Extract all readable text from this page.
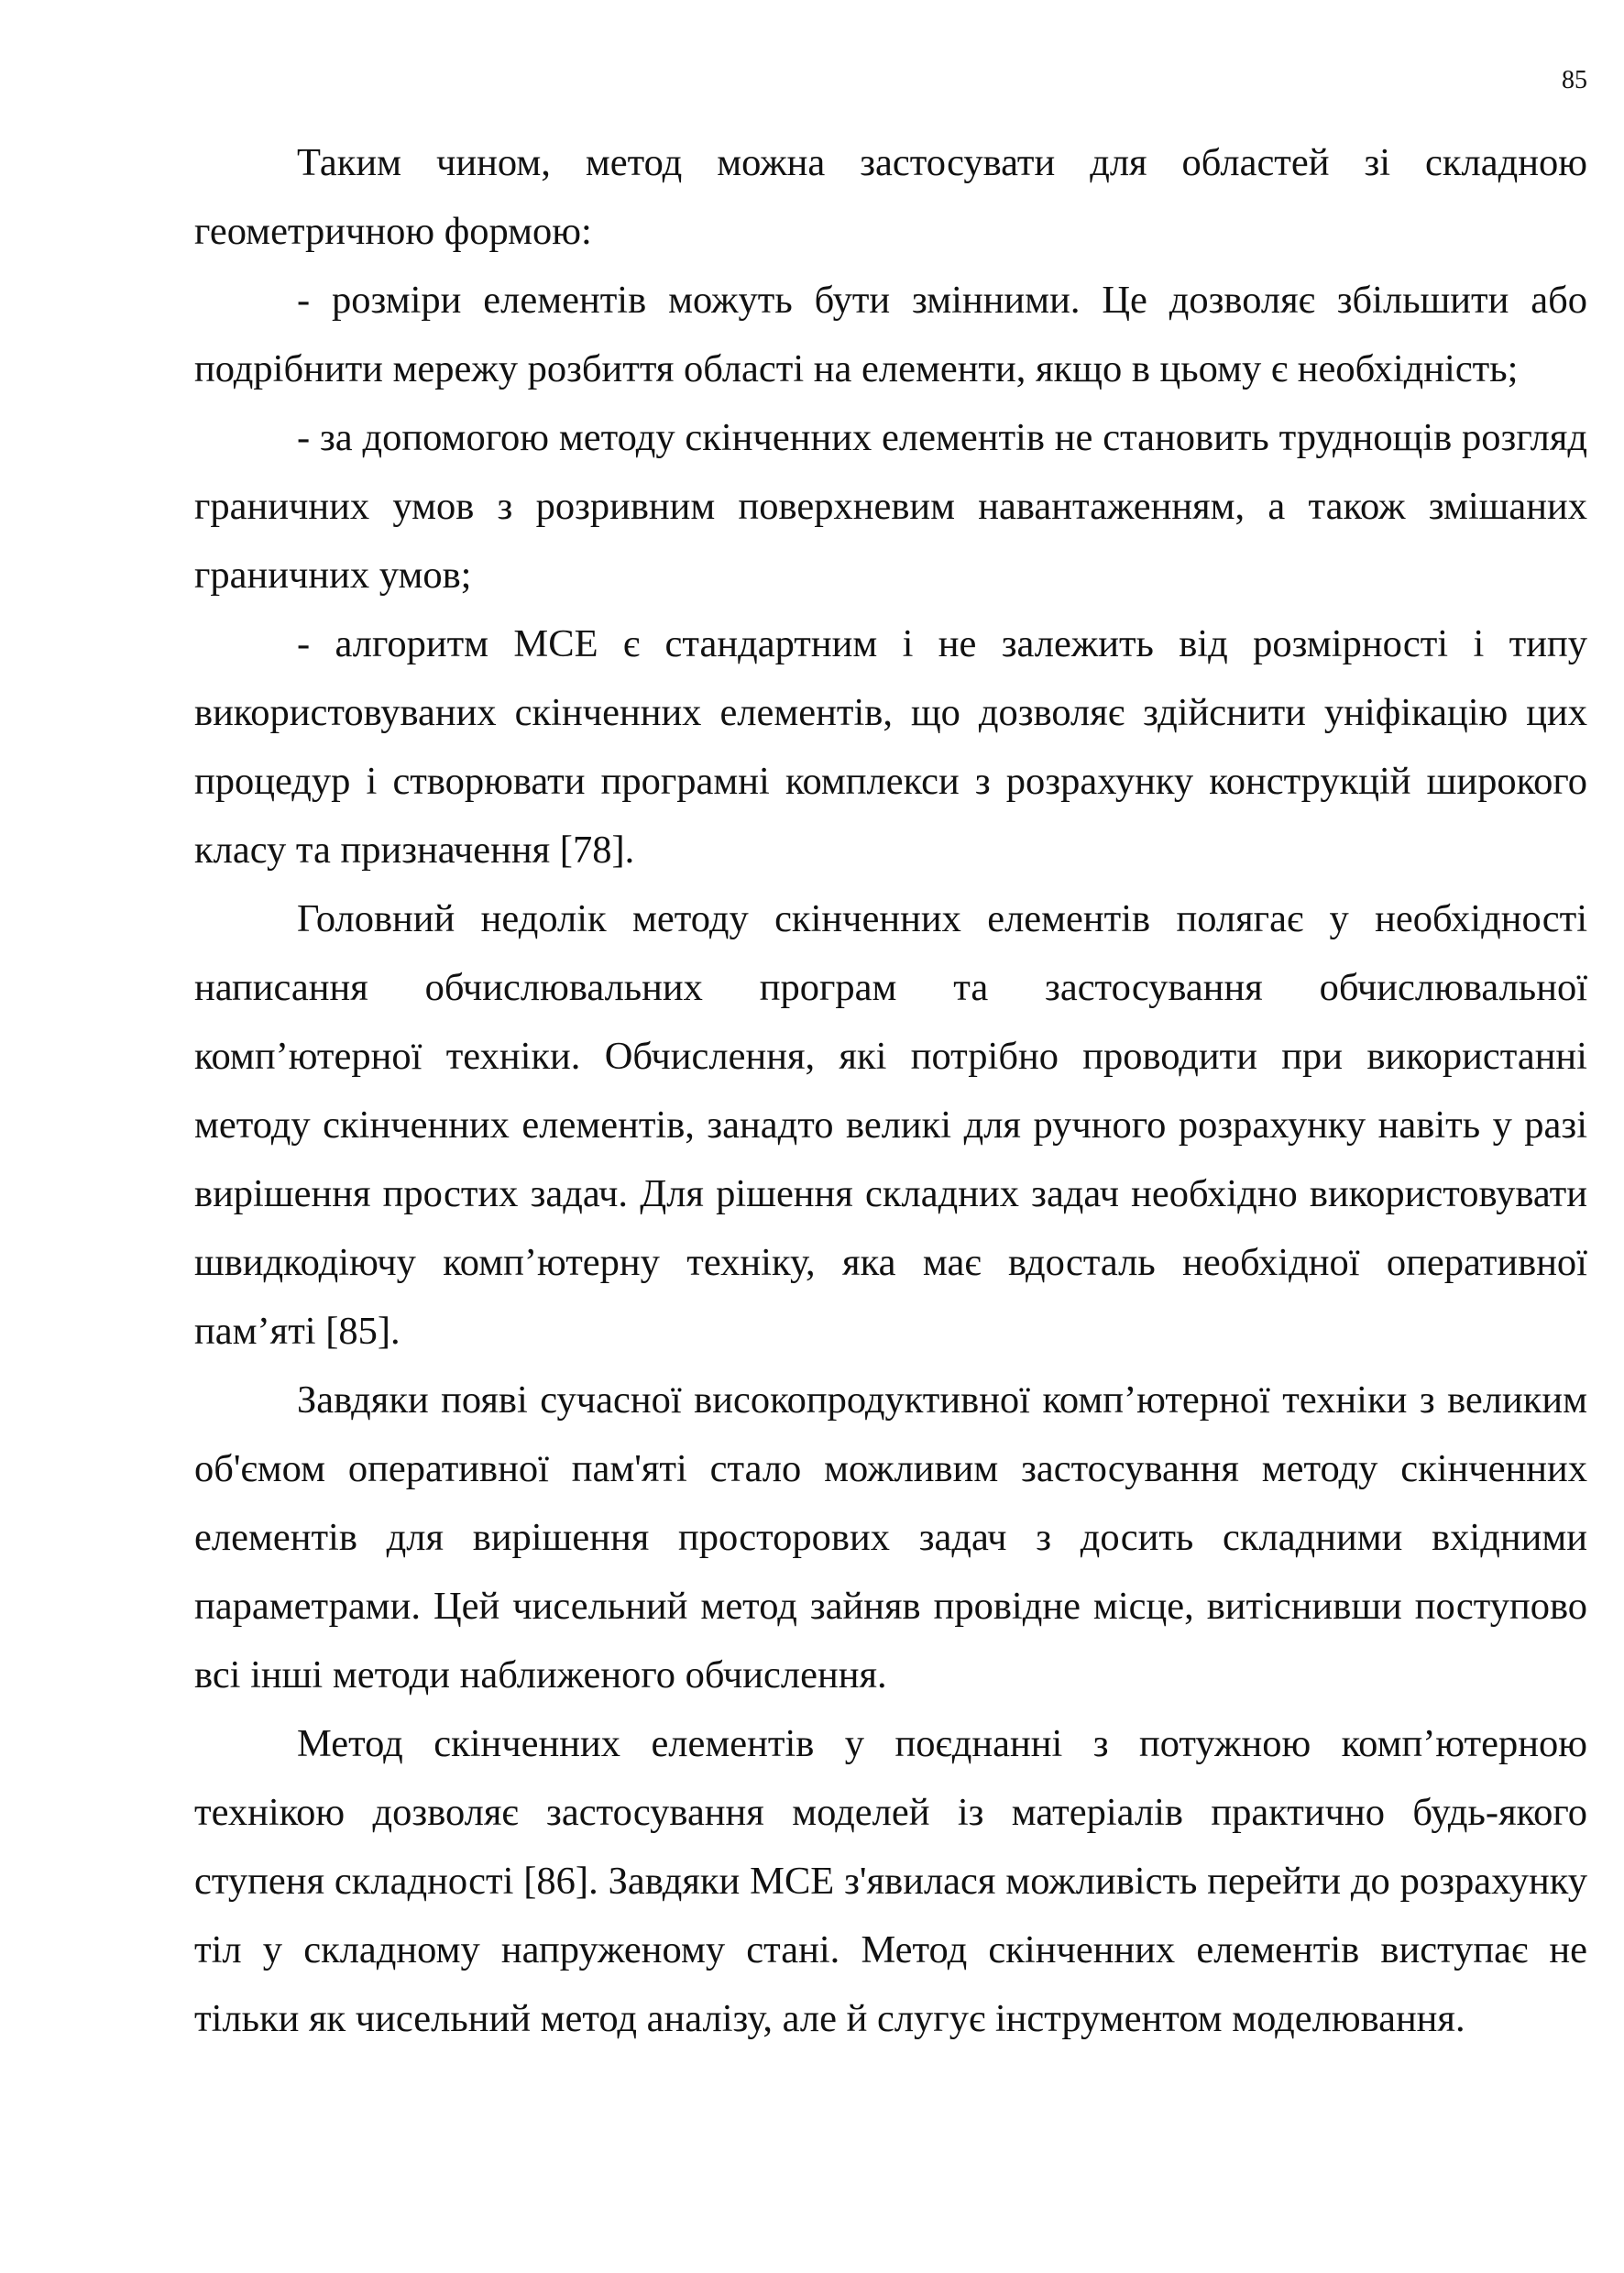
85

Таким чином, метод можна застосувати для областей зі складною геометричною формою:

- розміри елементів можуть бути змінними. Це дозволяє збільшити або подрібнити мережу розбиття області на елементи, якщо в цьому є необхідність;

- за допомогою методу скінченних елементів не становить труднощів розгляд граничних умов з розривним поверхневим навантаженням, а також змішаних граничних умов;

- алгоритм МСЕ є стандартним і не залежить від розмірності і типу використовуваних скінченних елементів, що дозволяє здійснити уніфікацію цих процедур і створювати програмні комплекси з розрахунку конструкцій широкого класу та призначення [78].

Головний недолік методу скінченних елементів полягає у необхідності написання обчислювальних програм та застосування обчислювальної комп’ютерної техніки. Обчислення, які потрібно проводити при використанні методу скінченних елементів, занадто великі для ручного розрахунку навіть у разі вирішення простих задач. Для рішення складних задач необхідно використовувати швидкодіючу комп’ютерну техніку, яка має вдосталь необхідної оперативної пам’яті [85].

Завдяки появі сучасної високопродуктивної комп’ютерної техніки з великим об'ємом оперативної пам'яті стало можливим застосування методу скінченних елементів для вирішення просторових задач з досить складними вхідними параметрами. Цей чисельний метод зайняв провідне місце, витіснивши поступово всі інші методи наближеного обчислення.

Метод скінченних елементів у поєднанні з потужною комп’ютерною технікою дозволяє застосування моделей із матеріалів практично будь-якого ступеня складності [86]. Завдяки МСЕ з'явилася можливість перейти до розрахунку тіл у складному напруженому стані. Метод скінченних елементів виступає не тільки як чисельний метод аналізу, але й слугує інструментом моделювання.
